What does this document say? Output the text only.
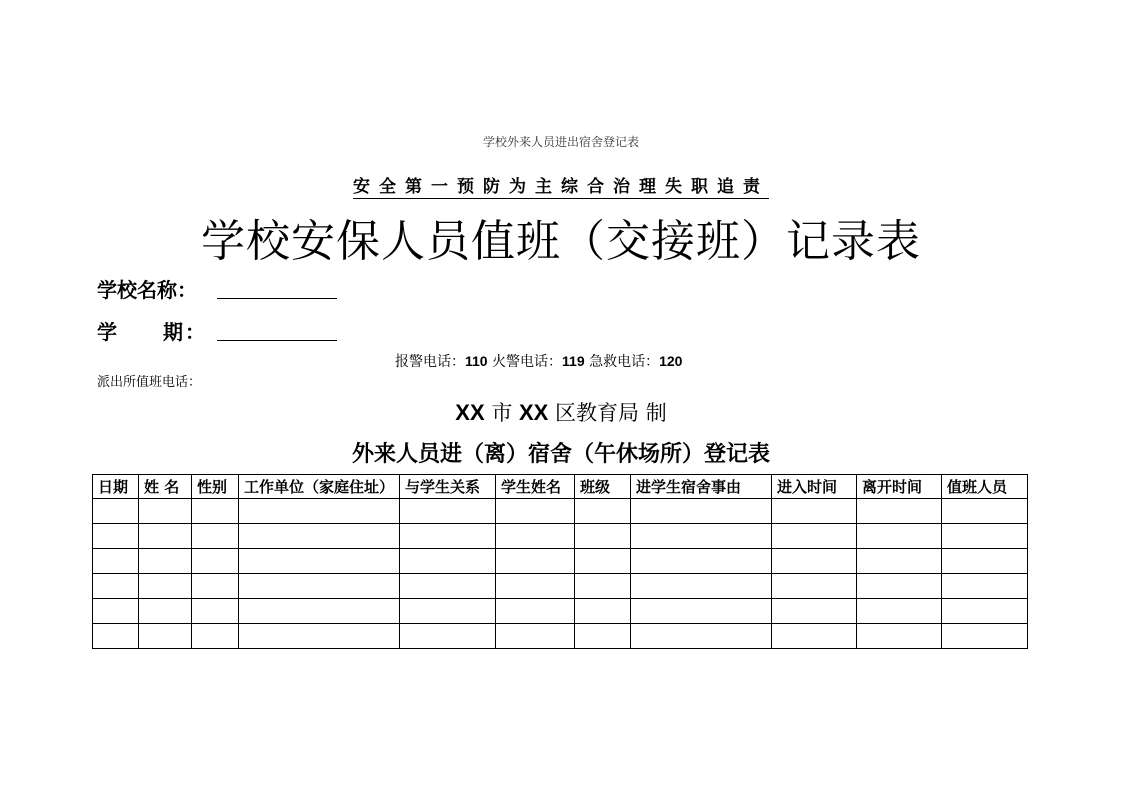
学校外来人员进出宿舍登记表
安全第一预防为主综合治理失职追责
学校安保人员值班（交接班）记录表
学校名称：
学　　期：
报警电话：110 火警电话：119 急救电话：120
派出所值班电话：
XX 市 XX 区教育局 制
外来人员进（离）宿舍（午休场所）登记表
日期	姓 名	性别	工作单位（家庭住址）	与学生关系	学生姓名	班级	进学生宿舍事由	进入时间	离开时间	值班人员
